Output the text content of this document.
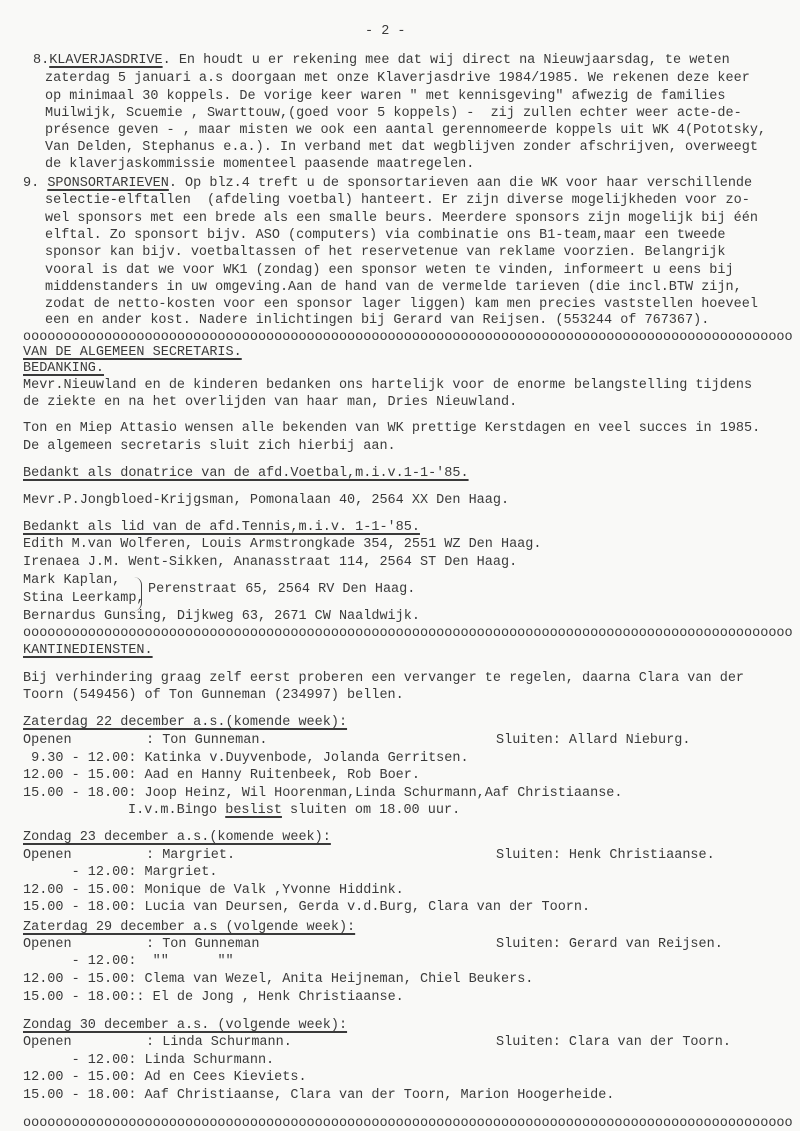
- 2 -
8.KLAVERJASDRIVE. En houdt u er rekening mee dat wij direct na Nieuwjaarsdag, te weten
zaterdag 5 januari a.s doorgaan met onze Klaverjasdrive 1984/1985. We rekenen deze keer
op minimaal 30 koppels. De vorige keer waren " met kennisgeving" afwezig de families
Muilwijk, Scuemie , Swarttouw,(goed voor 5 koppels) -  zij zullen echter weer acte-de-
présence geven - , maar misten we ook een aantal gerennomeerde koppels uit WK 4(Pototsky,
Van Delden, Stephanus e.a.). In verband met dat wegblijven zonder afschrijven, overweegt
de klaverjaskommissie momenteel paasende maatregelen.
9. SPONSORTARIEVEN. Op blz.4 treft u de sponsortarieven aan die WK voor haar verschillende
selectie-elftallen  (afdeling voetbal) hanteert. Er zijn diverse mogelijkheden voor zo-
wel sponsors met een brede als een smalle beurs. Meerdere sponsors zijn mogelijk bij één
elftal. Zo sponsort bijv. ASO (computers) via combinatie ons B1-team,maar een tweede
sponsor kan bijv. voetbaltassen of het reservetenue van reklame voorzien. Belangrijk
vooral is dat we voor WK1 (zondag) een sponsor weten te vinden, informeert u eens bij
middenstanders in uw omgeving.Aan de hand van de vermelde tarieven (die incl.BTW zijn,
zodat de netto-kosten voor een sponsor lager liggen) kam men precies vaststellen hoeveel
een en ander kost. Nadere inlichtingen bij Gerard van Reijsen. (553244 of 767367).
ooooooooooooooooooooooooooooooooooooooooooooooooooooooooooooooooooooooooooooooooooooooooooooooo
VAN DE ALGEMEEN SECRETARIS.
BEDANKING.
Mevr.Nieuwland en de kinderen bedanken ons hartelijk voor de enorme belangstelling tijdens
de ziekte en na het overlijden van haar man, Dries Nieuwland.
Ton en Miep Attasio wensen alle bekenden van WK prettige Kerstdagen en veel succes in 1985.
De algemeen secretaris sluit zich hierbij aan.
Bedankt als donatrice van de afd.Voetbal,m.i.v.1-1-'85.
Mevr.P.Jongbloed-Krijgsman, Pomonalaan 40, 2564 XX Den Haag.
Bedankt als lid van de afd.Tennis,m.i.v. 1-1-'85.
Edith M.van Wolferen, Louis Armstrongkade 354, 2551 WZ Den Haag.
Irenaea J.M. Went-Sikken, Ananasstraat 114, 2564 ST Den Haag.
Mark Kaplan,
Stina Leerkamp,
Perenstraat 65, 2564 RV Den Haag.
Bernardus Gunsing, Dijkweg 63, 2671 CW Naaldwijk.
ooooooooooooooooooooooooooooooooooooooooooooooooooooooooooooooooooooooooooooooooooooooooooooooo
KANTINEDIENSTEN.
Bij verhindering graag zelf eerst proberen een vervanger te regelen, daarna Clara van der
Toorn (549456) of Ton Gunneman (234997) bellen.
Zaterdag 22 december a.s.(komende week):
Openen	: Ton Gunneman.	Sluiten: Allard Nieburg.
9.30 - 12.00: Katinka v.Duyvenbode, Jolanda Gerritsen.
12.00 - 15.00: Aad en Hanny Ruitenbeek, Rob Boer.
15.00 - 18.00: Joop Heinz, Wil Hoorenman,Linda Schurmann,Aaf Christiaanse.
I.v.m.Bingo beslist sluiten om 18.00 uur.
Zondag 23 december a.s.(komende week):
Openen	: Margriet.	Sluiten: Henk Christiaanse.
- 12.00: Margriet.
12.00 - 15.00: Monique de Valk ,Yvonne Hiddink.
15.00 - 18.00: Lucia van Deursen, Gerda v.d.Burg, Clara van der Toorn.
Zaterdag 29 december a.s (volgende week):
Openen	: Ton Gunneman	Sluiten: Gerard van Reijsen.
- 12.00:  ""      ""
12.00 - 15.00: Clema van Wezel, Anita Heijneman, Chiel Beukers.
15.00 - 18.00:: El de Jong , Henk Christiaanse.
Zondag 30 december a.s. (volgende week):
Openen	: Linda Schurmann.	Sluiten: Clara van der Toorn.
- 12.00: Linda Schurmann.
12.00 - 15.00: Ad en Cees Kieviets.
15.00 - 18.00: Aaf Christiaanse, Clara van der Toorn, Marion Hoogerheide.
ooooooooooooooooooooooooooooooooooooooooooooooooooooooooooooooooooooooooooooooooooooooooooooooo
